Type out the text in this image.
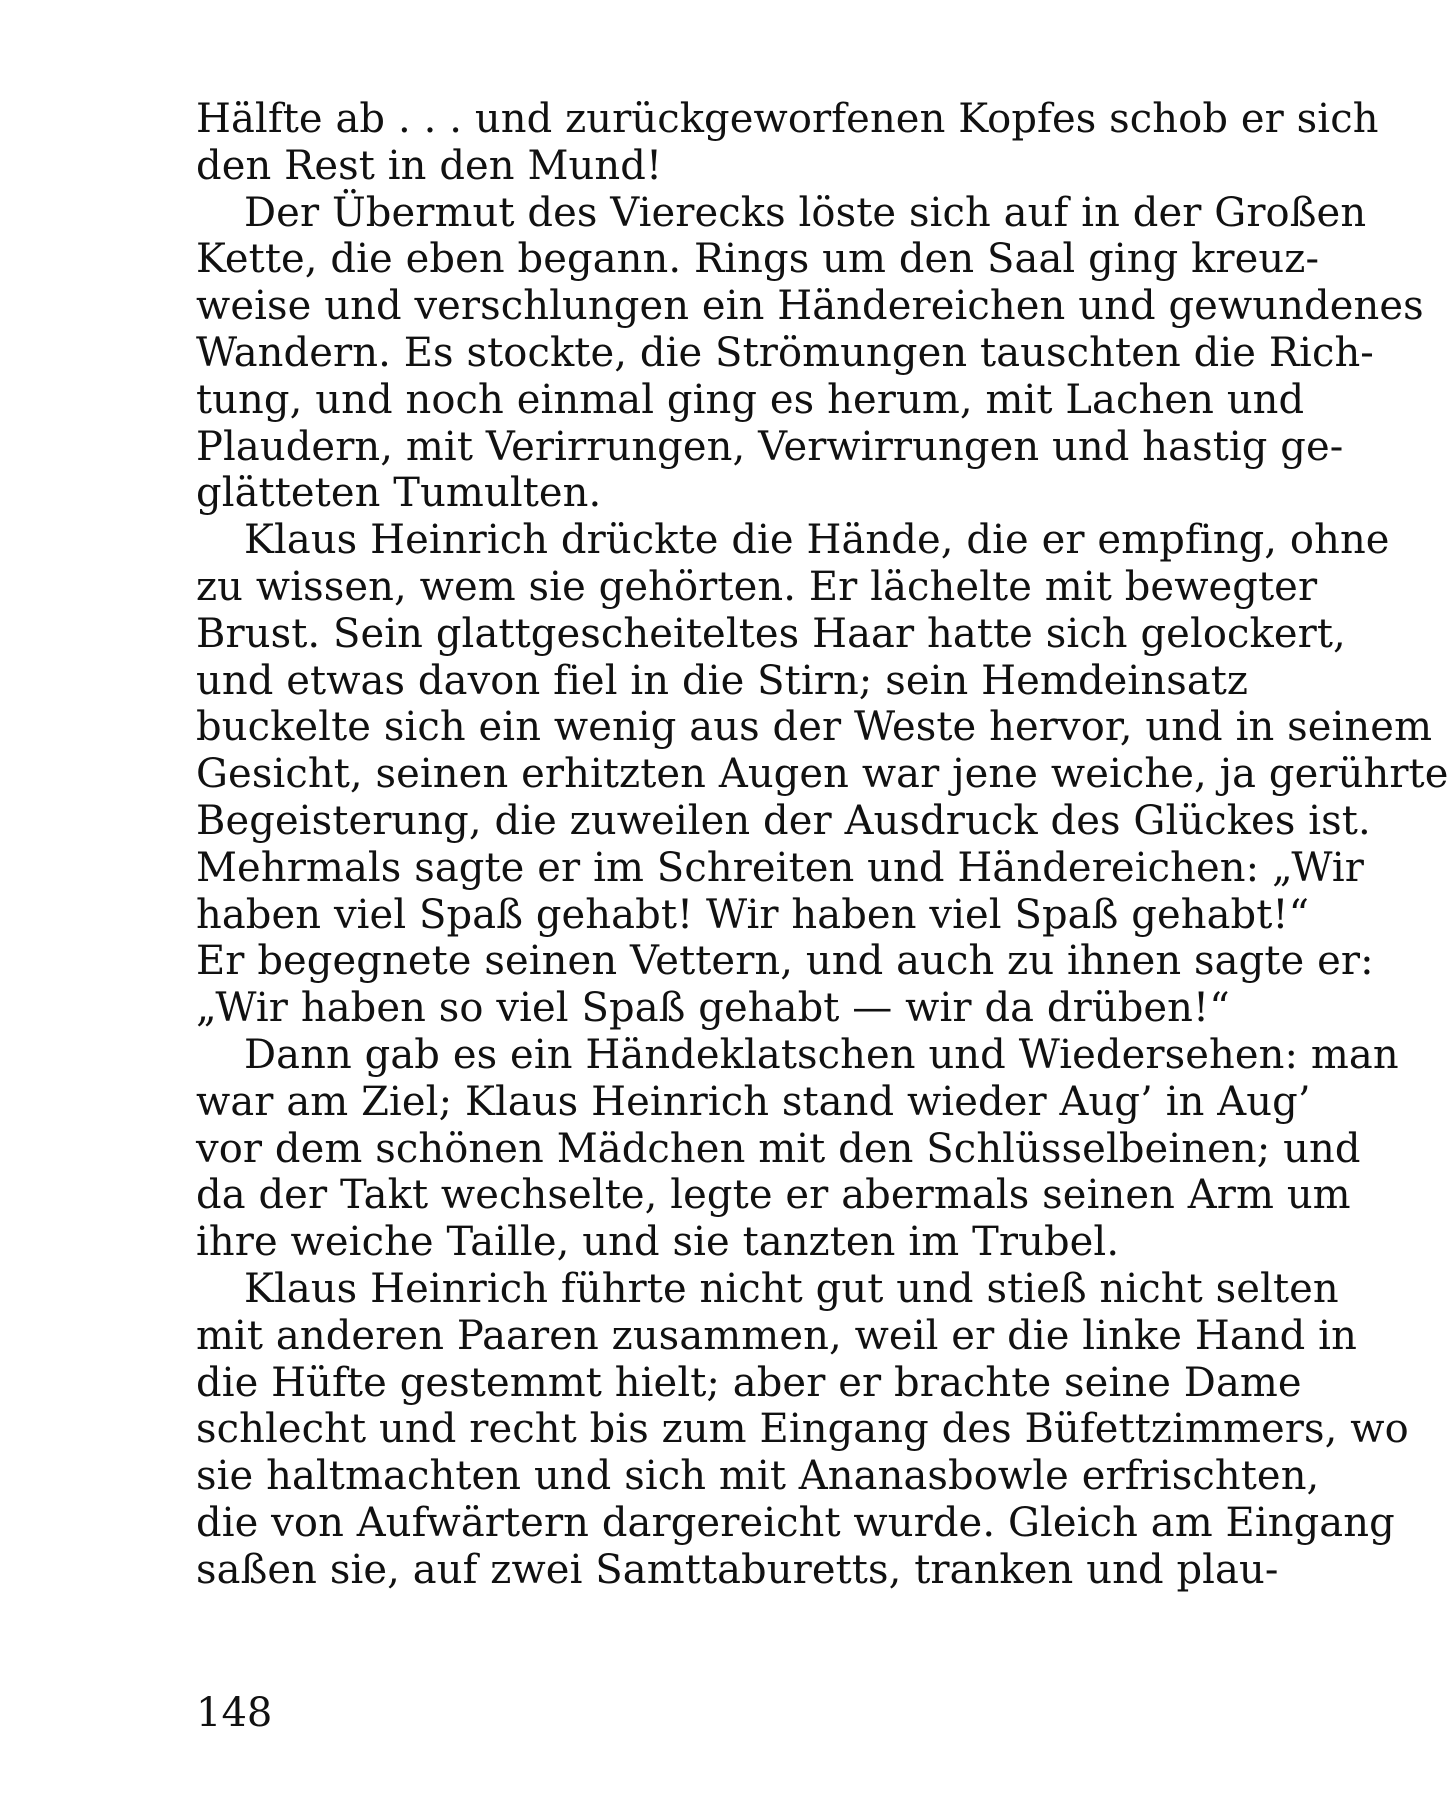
Hälfte ab . . . und zurückgeworfenen Kopfes schob er sich
den Rest in den Mund!
Der Übermut des Vierecks löste sich auf in der Großen
Kette, die eben begann. Rings um den Saal ging kreuz-
weise und verschlungen ein Händereichen und gewundenes
Wandern. Es stockte, die Strömungen tauschten die Rich-
tung, und noch einmal ging es herum, mit Lachen und
Plaudern, mit Verirrungen, Verwirrungen und hastig ge-
glätteten Tumulten.
Klaus Heinrich drückte die Hände, die er empfing, ohne
zu wissen, wem sie gehörten. Er lächelte mit bewegter
Brust. Sein glattgescheiteltes Haar hatte sich gelockert,
und etwas davon fiel in die Stirn; sein Hemdeinsatz
buckelte sich ein wenig aus der Weste hervor, und in seinem
Gesicht, seinen erhitzten Augen war jene weiche, ja gerührte
Begeisterung, die zuweilen der Ausdruck des Glückes ist.
Mehrmals sagte er im Schreiten und Händereichen: „Wir
haben viel Spaß gehabt! Wir haben viel Spaß gehabt!“
Er begegnete seinen Vettern, und auch zu ihnen sagte er:
„Wir haben so viel Spaß gehabt — wir da drüben!“
Dann gab es ein Händeklatschen und Wiedersehen: man
war am Ziel; Klaus Heinrich stand wieder Aug’ in Aug’
vor dem schönen Mädchen mit den Schlüsselbeinen; und
da der Takt wechselte, legte er abermals seinen Arm um
ihre weiche Taille, und sie tanzten im Trubel.
Klaus Heinrich führte nicht gut und stieß nicht selten
mit anderen Paaren zusammen, weil er die linke Hand in
die Hüfte gestemmt hielt; aber er brachte seine Dame
schlecht und recht bis zum Eingang des Büfettzimmers, wo
sie haltmachten und sich mit Ananasbowle erfrischten,
die von Aufwärtern dargereicht wurde. Gleich am Eingang
saßen sie, auf zwei Samttaburetts, tranken und plau-
148
